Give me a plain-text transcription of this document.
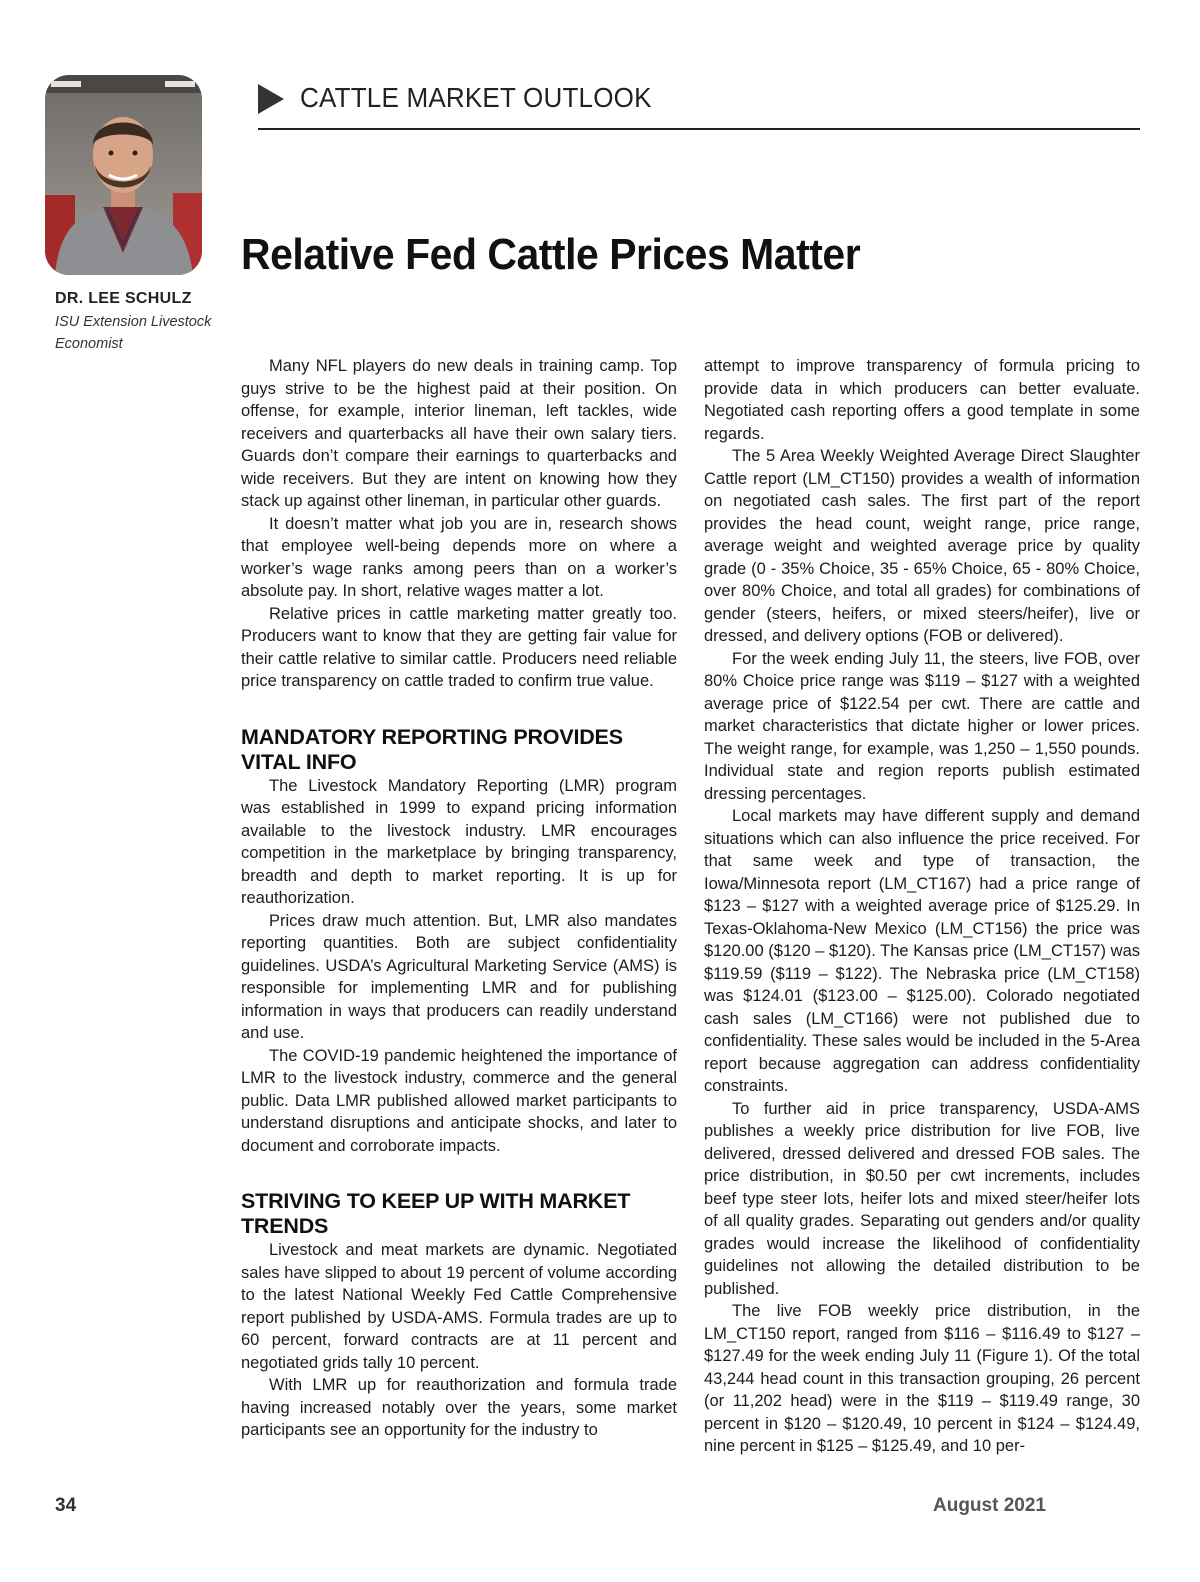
DR. LEE SCHULZ
ISU Extension Livestock Economist
CATTLE MARKET OUTLOOK
Relative Fed Cattle Prices Matter

Many NFL players do new deals in training camp. Top guys strive to be the highest paid at their position. On offense, for example, interior lineman, left tackles, wide receivers and quarterbacks all have their own salary tiers. Guards don’t compare their earnings to quarterbacks and wide receivers. But they are intent on knowing how they stack up against other lineman, in particular other guards.

It doesn’t matter what job you are in, research shows that employee well-being depends more on where a worker’s wage ranks among peers than on a worker’s absolute pay. In short, relative wages matter a lot.

Relative prices in cattle marketing matter greatly too. Producers want to know that they are getting fair value for their cattle relative to similar cattle. Producers need reliable price transparency on cattle traded to confirm true value.

MANDATORY REPORTING PROVIDES VITAL INFO

The Livestock Mandatory Reporting (LMR) program was established in 1999 to expand pricing information available to the livestock industry. LMR encourages competition in the marketplace by bringing transparency, breadth and depth to market reporting. It is up for reauthorization.

Prices draw much attention. But, LMR also mandates reporting quantities. Both are subject confidentiality guidelines. USDA’s Agricultural Marketing Service (AMS) is responsible for implementing LMR and for publishing information in ways that producers can readily understand and use.

The COVID-19 pandemic heightened the importance of LMR to the livestock industry, commerce and the general public. Data LMR published allowed market participants to understand disruptions and anticipate shocks, and later to document and corroborate impacts.

STRIVING TO KEEP UP WITH MARKET TRENDS

Livestock and meat markets are dynamic. Negotiated sales have slipped to about 19 percent of volume according to the latest National Weekly Fed Cattle Comprehensive report published by USDA-AMS. Formula trades are up to 60 percent, forward contracts are at 11 percent and negotiated grids tally 10 percent.

With LMR up for reauthorization and formula trade having increased notably over the years, some market participants see an opportunity for the industry to

attempt to improve transparency of formula pricing to provide data in which producers can better evaluate. Negotiated cash reporting offers a good template in some regards.

The 5 Area Weekly Weighted Average Direct Slaughter Cattle report (LM_CT150) provides a wealth of information on negotiated cash sales. The first part of the report provides the head count, weight range, price range, average weight and weighted average price by quality grade (0 - 35% Choice, 35 - 65% Choice, 65 - 80% Choice, over 80% Choice, and total all grades) for combinations of gender (steers, heifers, or mixed steers/heifer), live or dressed, and delivery options (FOB or delivered).

For the week ending July 11, the steers, live FOB, over 80% Choice price range was $119 – $127 with a weighted average price of $122.54 per cwt. There are cattle and market characteristics that dictate higher or lower prices. The weight range, for example, was 1,250 – 1,550 pounds. Individual state and region reports publish estimated dressing percentages.

Local markets may have different supply and demand situations which can also influence the price received. For that same week and type of transaction, the Iowa/Minnesota report (LM_CT167) had a price range of $123 – $127 with a weighted average price of $125.29. In Texas-Oklahoma-New Mexico (LM_CT156) the price was $120.00 ($120 – $120). The Kansas price (LM_CT157) was $119.59 ($119 – $122). The Nebraska price (LM_CT158) was $124.01 ($123.00 – $125.00). Colorado negotiated cash sales (LM_CT166) were not published due to confidentiality. These sales would be included in the 5-Area report because aggregation can address confidentiality constraints.

To further aid in price transparency, USDA-AMS publishes a weekly price distribution for live FOB, live delivered, dressed delivered and dressed FOB sales. The price distribution, in $0.50 per cwt increments, includes beef type steer lots, heifer lots and mixed steer/heifer lots of all quality grades. Separating out genders and/or quality grades would increase the likelihood of confidentiality guidelines not allowing the detailed distribution to be published.

The live FOB weekly price distribution, in the LM_CT150 report, ranged from $116 – $116.49 to $127 – $127.49 for the week ending July 11 (Figure 1). Of the total 43,244 head count in this transaction grouping, 26 percent (or 11,202 head) were in the $119 – $119.49 range, 30 percent in $120 – $120.49, 10 percent in $124 – $124.49, nine percent in $125 – $125.49, and 10 per-

34	August 2021
